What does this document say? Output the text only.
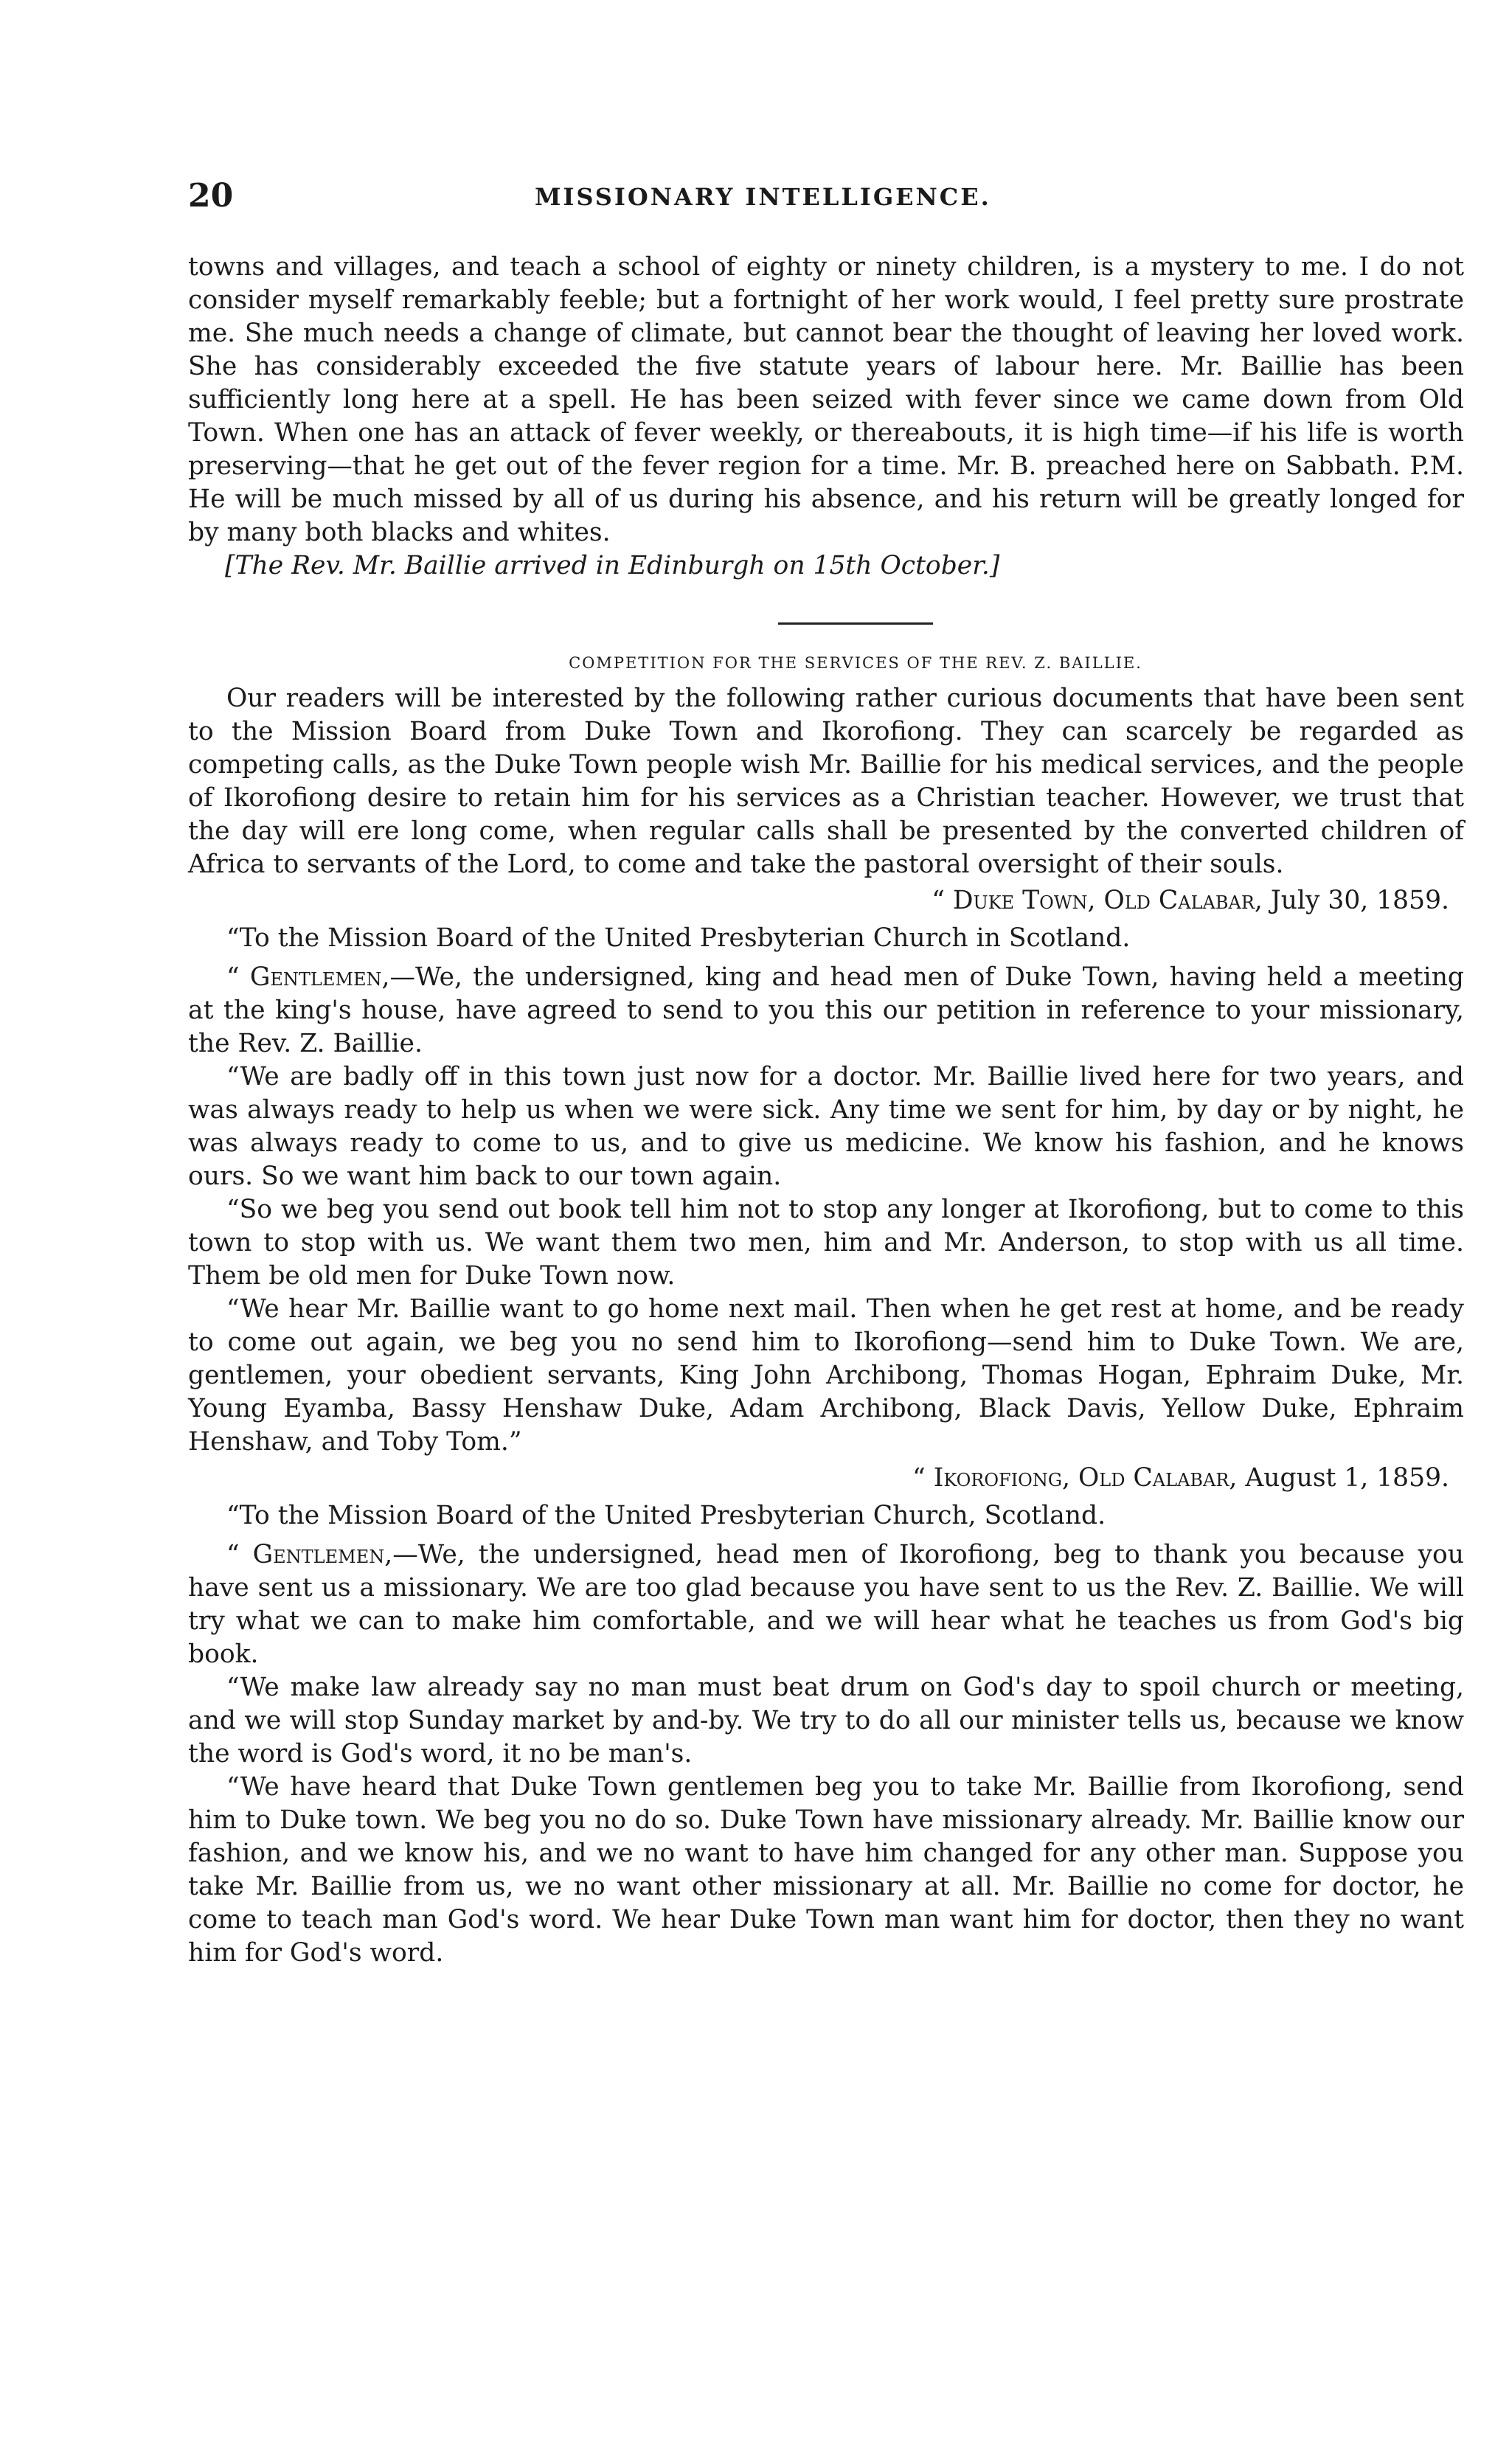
20	MISSIONARY INTELLIGENCE.

towns and villages, and teach a school of eighty or ninety children, is a mystery to me. I do not consider myself remarkably feeble; but a fortnight of her work would, I feel pretty sure prostrate me. She much needs a change of climate, but cannot bear the thought of leaving her loved work. She has considerably exceeded the five statute years of labour here. Mr. Baillie has been sufficiently long here at a spell. He has been seized with fever since we came down from Old Town. When one has an attack of fever weekly, or thereabouts, it is high time—if his life is worth preserving—that he get out of the fever region for a time. Mr. B. preached here on Sabbath. P.M. He will be much missed by all of us during his absence, and his return will be greatly longed for by many both blacks and whites.

[The Rev. Mr. Baillie arrived in Edinburgh on 15th October.]

COMPETITION FOR THE SERVICES OF THE REV. Z. BAILLIE.

Our readers will be interested by the following rather curious documents that have been sent to the Mission Board from Duke Town and Ikorofiong. They can scarcely be regarded as competing calls, as the Duke Town people wish Mr. Baillie for his medical services, and the people of Ikorofiong desire to retain him for his services as a Christian teacher. However, we trust that the day will ere long come, when regular calls shall be presented by the converted children of Africa to servants of the Lord, to come and take the pastoral oversight of their souls.

“ Duke Town, Old Calabar, July 30, 1859.

“To the Mission Board of the United Presbyterian Church in Scotland.

“ Gentlemen,—We, the undersigned, king and head men of Duke Town, having held a meeting at the king's house, have agreed to send to you this our petition in reference to your missionary, the Rev. Z. Baillie.

“We are badly off in this town just now for a doctor. Mr. Baillie lived here for two years, and was always ready to help us when we were sick. Any time we sent for him, by day or by night, he was always ready to come to us, and to give us medicine. We know his fashion, and he knows ours. So we want him back to our town again.

“So we beg you send out book tell him not to stop any longer at Ikorofiong, but to come to this town to stop with us. We want them two men, him and Mr. Anderson, to stop with us all time. Them be old men for Duke Town now.

“We hear Mr. Baillie want to go home next mail. Then when he get rest at home, and be ready to come out again, we beg you no send him to Ikorofiong—send him to Duke Town. We are, gentlemen, your obedient servants, King John Archibong, Thomas Hogan, Ephraim Duke, Mr. Young Eyamba, Bassy Henshaw Duke, Adam Archibong, Black Davis, Yellow Duke, Ephraim Henshaw, and Toby Tom.”

“ Ikorofiong, Old Calabar, August 1, 1859.

“To the Mission Board of the United Presbyterian Church, Scotland.

“ Gentlemen,—We, the undersigned, head men of Ikorofiong, beg to thank you because you have sent us a missionary. We are too glad because you have sent to us the Rev. Z. Baillie. We will try what we can to make him comfortable, and we will hear what he teaches us from God's big book.

“We make law already say no man must beat drum on God's day to spoil church or meeting, and we will stop Sunday market by and-by. We try to do all our minister tells us, because we know the word is God's word, it no be man's.

“We have heard that Duke Town gentlemen beg you to take Mr. Baillie from Ikorofiong, send him to Duke town. We beg you no do so. Duke Town have missionary already. Mr. Baillie know our fashion, and we know his, and we no want to have him changed for any other man. Suppose you take Mr. Baillie from us, we no want other missionary at all. Mr. Baillie no come for doctor, he come to teach man God's word. We hear Duke Town man want him for doctor, then they no want him for God's word.
